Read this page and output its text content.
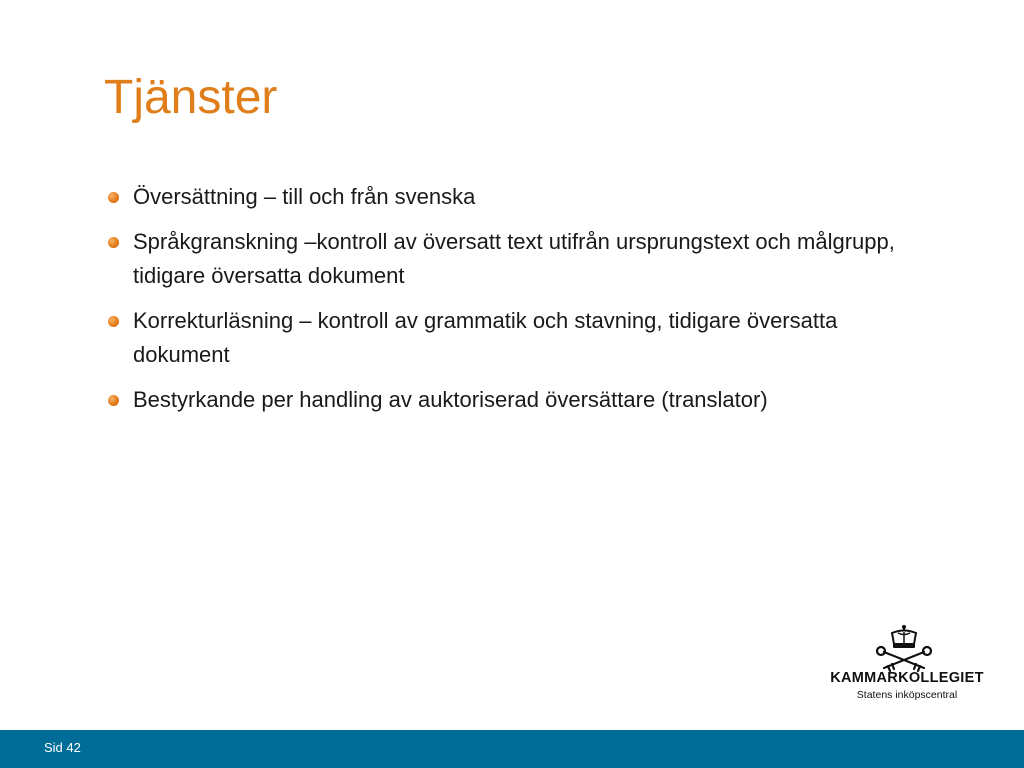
Tjänster
Översättning – till och från svenska
Språkgranskning –kontroll av översatt text utifrån ursprungstext och målgrupp, tidigare översatta dokument
Korrekturläsning – kontroll av grammatik och stavning, tidigare översatta dokument
Bestyrkande per handling av auktoriserad översättare (translator)
KAMMARKOLLEGIET
Statens inköpscentral
Sid 42
